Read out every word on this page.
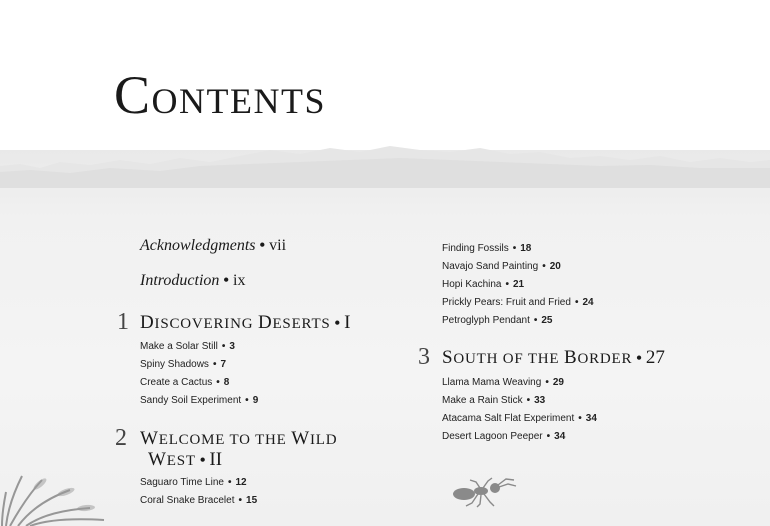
CONTENTS
Acknowledgments • vii
Introduction • ix
1 DISCOVERING DESERTS • I
Make a Solar Still • 3
Spiny Shadows • 7
Create a Cactus • 8
Sandy Soil Experiment • 9
2 WELCOME TO THE WILD
WEST • II
Saguaro Time Line • 12
Coral Snake Bracelet • 15
Finding Fossils • 18
Navajo Sand Painting • 20
Hopi Kachina • 21
Prickly Pears: Fruit and Fried • 24
Petroglyph Pendant • 25
3 SOUTH OF THE BORDER • 27
Llama Mama Weaving • 29
Make a Rain Stick • 33
Atacama Salt Flat Experiment • 34
Desert Lagoon Peeper • 34
